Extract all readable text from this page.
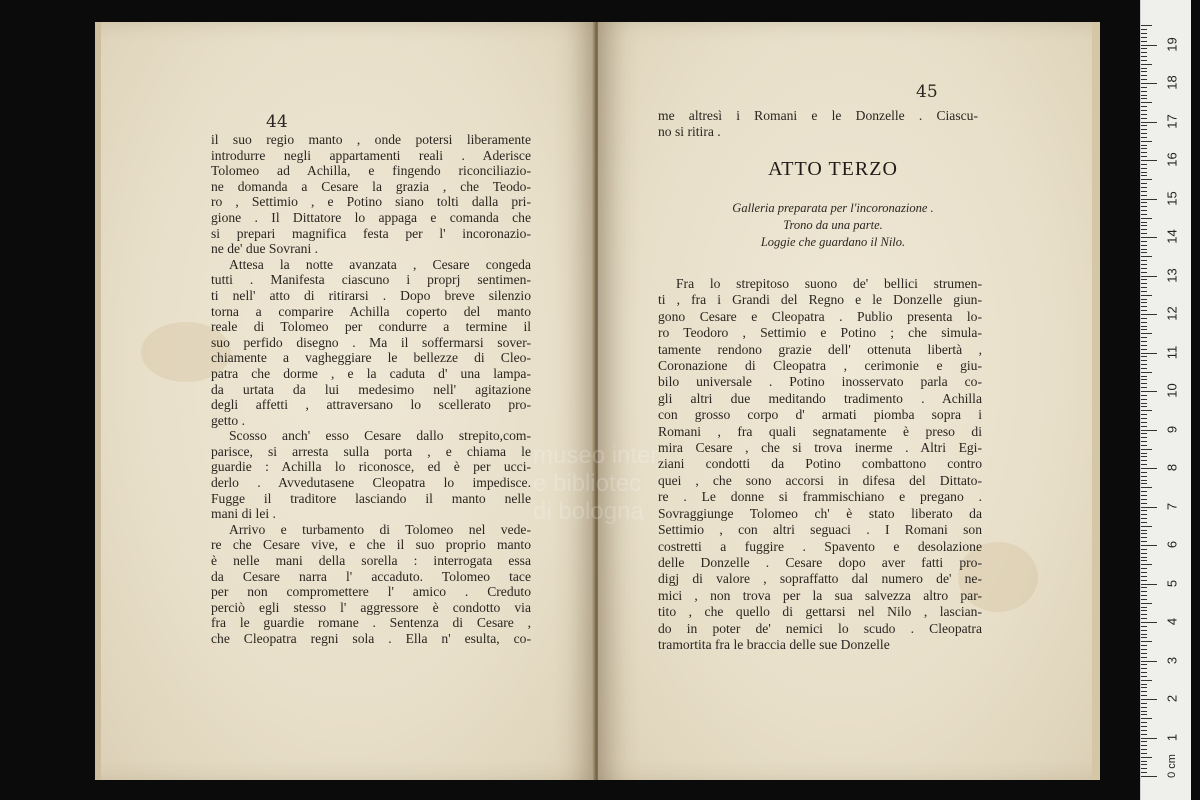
44
il suo regio manto , onde potersi liberamente
introdurre negli appartamenti reali . Aderisce
Tolomeo ad Achilla, e fingendo riconciliazio-
ne domanda a Cesare la grazia , che Teodo-
ro , Settimio , e Potino siano tolti dalla pri-
gione . Il Dittatore lo appaga e comanda che
si prepari magnifica festa per l' incoronazio-
ne de' due Sovrani .
Attesa la notte avanzata , Cesare congeda
tutti . Manifesta ciascuno i proprj sentimen-
ti nell' atto di ritirarsi . Dopo breve silenzio
torna a comparire Achilla coperto del manto
reale di Tolomeo per condurre a termine il
suo perfido disegno . Ma il soffermarsi sover-
chiamente a vagheggiare le bellezze di Cleo-
patra che dorme , e la caduta d' una lampa-
da urtata da lui medesimo nell' agitazione
degli affetti , attraversano lo scellerato pro-
getto .
Scosso anch' esso Cesare dallo strepito,com-
parisce, si arresta sulla porta , e chiama le
guardie : Achilla lo riconosce, ed è per ucci-
derlo . Avvedutasene Cleopatra lo impedisce.
Fugge il traditore lasciando il manto nelle
mani di lei .
Arrivo e turbamento di Tolomeo nel vede-
re che Cesare vive, e che il suo proprio manto
è nelle mani della sorella : interrogata essa
da Cesare narra l' accaduto. Tolomeo tace
per non compromettere l' amico . Creduto
perciò egli stesso l' aggressore è condotto via
fra le guardie romane . Sentenza di Cesare ,
che Cleopatra regni sola . Ella n' esulta, co-
45
me altresì i Romani e le Donzelle . Ciascu-
no si ritira .
ATTO TERZO
Galleria preparata per l'incoronazione .
Trono da una parte.
Loggie che guardano il Nilo.
Fra lo strepitoso suono de' bellici strumen-
ti , fra i Grandi del Regno e le Donzelle giun-
gono Cesare e Cleopatra . Publio presenta lo-
ro Teodoro , Settimio e Potino ; che simula-
tamente rendono grazie dell' ottenuta libertà ,
Coronazione di Cleopatra , cerimonie e giu-
bilo universale . Potino inosservato parla co-
gli altri due meditando tradimento . Achilla
con grosso corpo d' armati piomba sopra i
Romani , fra quali segnatamente è preso di
mira Cesare , che si trova inerme . Altri Egi-
ziani condotti da Potino combattono contro
quei , che sono accorsi in difesa del Dittato-
re . Le donne si frammischiano e pregano .
Sovraggiunge Tolomeo ch' è stato liberato da
Settimio , con altri seguaci . I Romani son
costretti a fuggire . Spavento e desolazione
delle Donzelle . Cesare dopo aver fatti pro-
digj di valore , sopraffatto dal numero de' ne-
mici , non trova per la sua salvezza altro par-
tito , che quello di gettarsi nel Nilo , lascian-
do in poter de' nemici lo scudo . Cleopatra
tramortita fra le braccia delle sue Donzelle
museo inter
e bibliotec
di bologna
0 cm
1
2
3
4
5
6
7
8
9
10
11
12
13
14
15
16
17
18
19
